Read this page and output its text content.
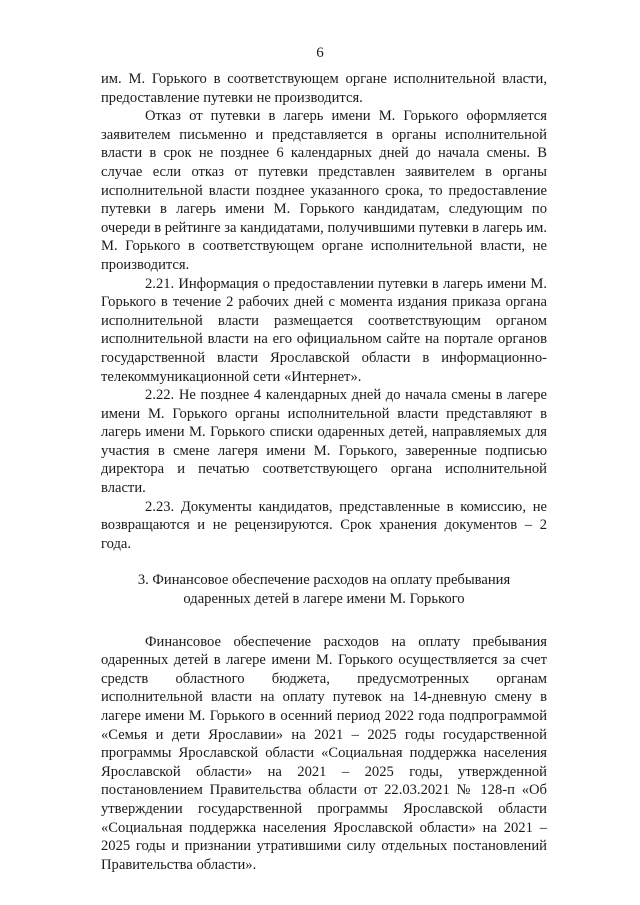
6

им. М. Горького в соответствующем органе исполнительной власти, предоставление путевки не производится.

Отказ от путевки в лагерь имени М. Горького оформляется заявителем письменно и представляется в органы исполнительной власти в срок не позднее 6 календарных дней до начала смены. В случае если отказ от путевки представлен заявителем в органы исполнительной власти позднее указанного срока, то предоставление путевки в лагерь имени М. Горького кандидатам, следующим по очереди в рейтинге за кандидатами, получившими путевки в лагерь им. М. Горького в соответствующем органе исполнительной власти, не производится.

2.21. Информация о предоставлении путевки в лагерь имени М. Горького в течение 2 рабочих дней с момента издания приказа органа исполнительной власти размещается соответствующим органом исполнительной власти на его официальном сайте на портале органов государственной власти Ярославской области в информационно-телекоммуникационной сети «Интернет».

2.22. Не позднее 4 календарных дней до начала смены в лагере имени М. Горького органы исполнительной власти представляют в лагерь имени М. Горького списки одаренных детей, направляемых для участия в смене лагеря имени М. Горького, заверенные подписью директора и печатью соответствующего органа исполнительной власти.

2.23. Документы кандидатов, представленные в комиссию, не возвращаются и не рецензируются. Срок хранения документов – 2 года.

3. Финансовое обеспечение расходов на оплату пребывания
одаренных детей в лагере имени М. Горького

Финансовое обеспечение расходов на оплату пребывания одаренных детей в лагере имени М. Горького осуществляется за счет средств областного бюджета, предусмотренных органам исполнительной власти на оплату путевок на 14-дневную смену в лагере имени М. Горького в осенний период 2022 года подпрограммой «Семья и дети Ярославии» на 2021 – 2025 годы государственной программы Ярославской области «Социальная поддержка населения Ярославской области» на 2021 – 2025 годы, утвержденной постановлением Правительства области от 22.03.2021 № 128-п «Об утверждении государственной программы Ярославской области «Социальная поддержка населения Ярославской области» на 2021 – 2025 годы и признании утратившими силу отдельных постановлений Правительства области».
